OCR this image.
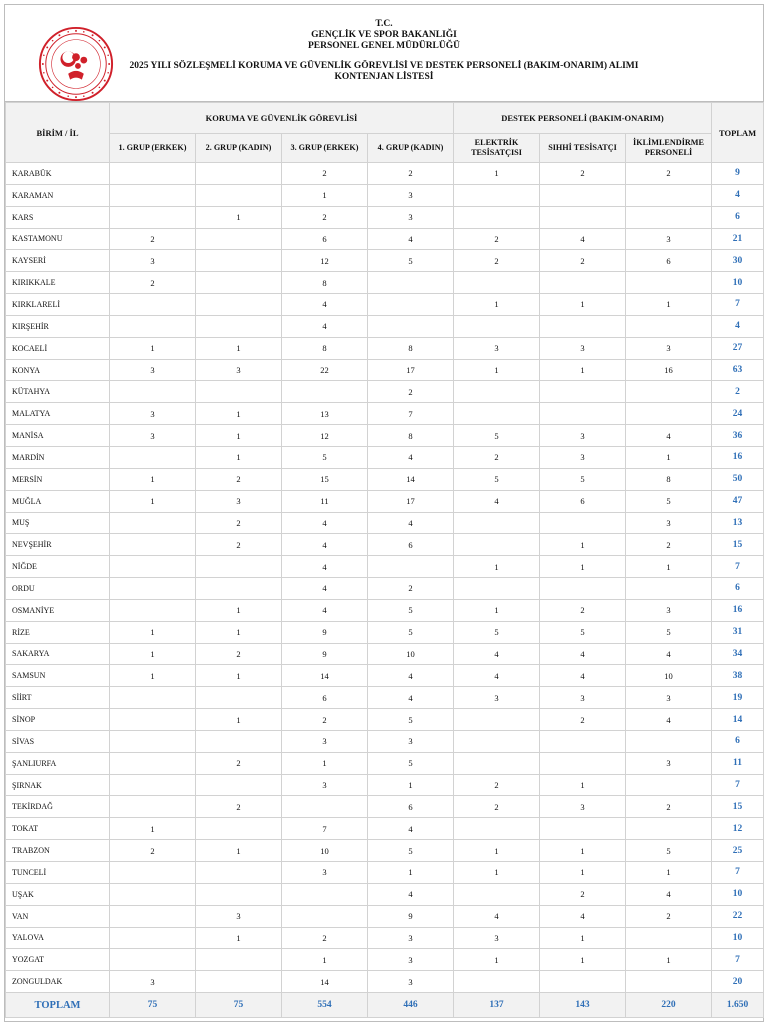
T.C.
GENÇLİK VE SPOR BAKANLIĞI
PERSONEL GENEL MÜDÜRLÜĞÜ
2025 YILI SÖZLEŞMELİ KORUMA VE GÜVENLİK GÖREVLİSİ VE DESTEK PERSONELİ (BAKIM-ONARIM) ALIMI
KONTENJAN LİSTESİ
BİRİM / İL	KORUMA VE GÜVENLİK GÖREVLİSİ				DESTEK PERSONELİ (BAKIM-ONARIM)			TOPLAM
	1. GRUP (ERKEK)	2. GRUP (KADIN)	3. GRUP (ERKEK)	4. GRUP (KADIN)	ELEKTRİK TESİSATÇISI	SIHHİ TESİSATÇI	İKLİMLENDİRME PERSONELİ	
KARABÜK			2	2	1	2	2	9
KARAMAN			1	3				4
KARS		1	2	3				6
KASTAMONU	2		6	4	2	4	3	21
KAYSERİ	3		12	5	2	2	6	30
KIRIKKALE	2		8					10
KIRKLARELİ			4		1	1	1	7
KIRŞEHİR			4					4
KOCAELİ	1	1	8	8	3	3	3	27
KONYA	3	3	22	17	1	1	16	63
KÜTAHYA				2				2
MALATYA	3	1	13	7				24
MANİSA	3	1	12	8	5	3	4	36
MARDİN		1	5	4	2	3	1	16
MERSİN	1	2	15	14	5	5	8	50
MUĞLA	1	3	11	17	4	6	5	47
MUŞ		2	4	4			3	13
NEVŞEHİR		2	4	6		1	2	15
NİĞDE			4		1	1	1	7
ORDU			4	2				6
OSMANİYE		1	4	5	1	2	3	16
RİZE	1	1	9	5	5	5	5	31
SAKARYA	1	2	9	10	4	4	4	34
SAMSUN	1	1	14	4	4	4	10	38
SİİRT			6	4	3	3	3	19
SİNOP		1	2	5		2	4	14
SİVAS			3	3				6
ŞANLIURFA		2	1	5			3	11
ŞIRNAK			3	1	2	1		7
TEKİRDAĞ		2		6	2	3	2	15
TOKAT	1		7	4				12
TRABZON	2	1	10	5	1	1	5	25
TUNCELİ			3	1	1	1	1	7
UŞAK				4		2	4	10
VAN		3		9	4	4	2	22
YALOVA		1	2	3	3	1		10
YOZGAT			1	3	1	1	1	7
ZONGULDAK	3		14	3				20
TOPLAM	75	75	554	446	137	143	220	1.650
